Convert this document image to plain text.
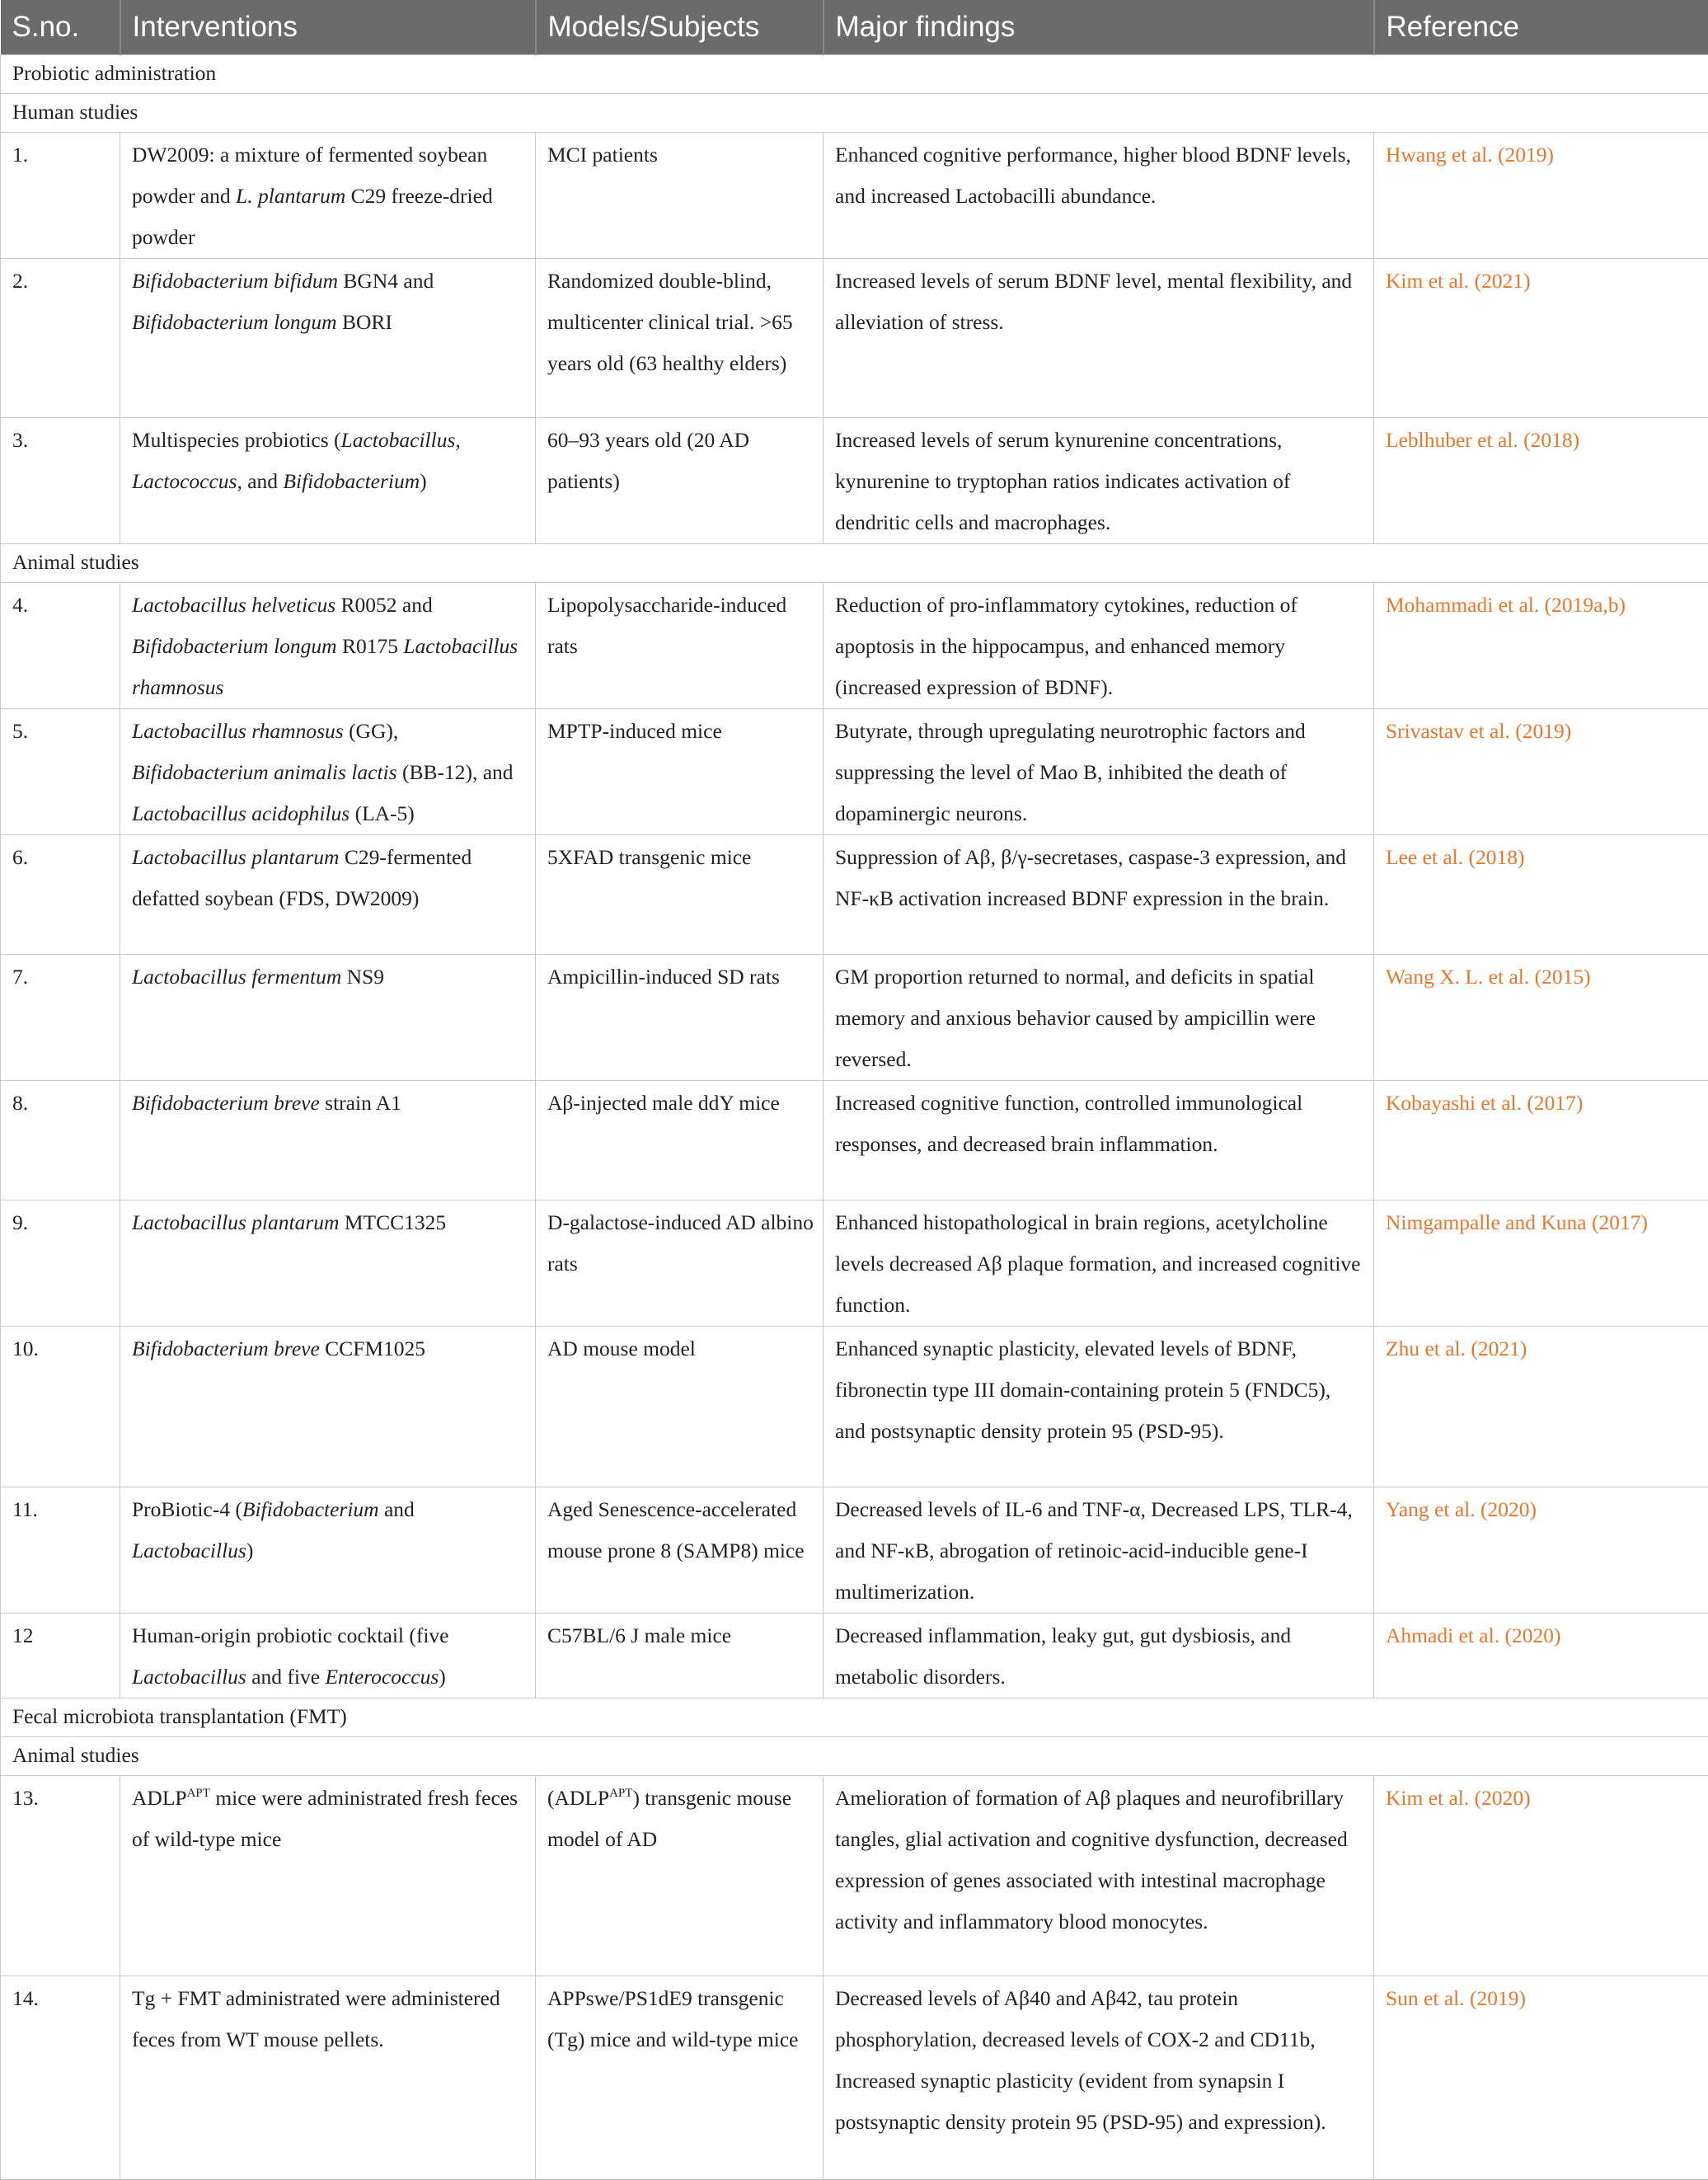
S.no.	Interventions	Models/Subjects	Major findings	Reference
Probiotic administration				
Human studies				
1.	DW2009: a mixture of fermented soybean powder and L. plantarum C29 freeze-dried powder	MCI patients	Enhanced cognitive performance, higher blood BDNF levels, and increased Lactobacilli abundance.	Hwang et al. (2019)
2.	Bifidobacterium bifidum BGN4 and Bifidobacterium longum BORI	Randomized double-blind, multicenter clinical trial. >65 years old (63 healthy elders)	Increased levels of serum BDNF level, mental flexibility, and alleviation of stress.	Kim et al. (2021)
3.	Multispecies probiotics (Lactobacillus, Lactococcus, and Bifidobacterium)	60–93 years old (20 AD patients)	Increased levels of serum kynurenine concentrations, kynurenine to tryptophan ratios indicates activation of dendritic cells and macrophages.	Leblhuber et al. (2018)
Animal studies				
4.	Lactobacillus helveticus R0052 and Bifidobacterium longum R0175 Lactobacillus rhamnosus	Lipopolysaccharide-induced rats	Reduction of pro-inflammatory cytokines, reduction of apoptosis in the hippocampus, and enhanced memory (increased expression of BDNF).	Mohammadi et al. (2019a,b)
5.	Lactobacillus rhamnosus (GG), Bifidobacterium animalis lactis (BB-12), and Lactobacillus acidophilus (LA-5)	MPTP-induced mice	Butyrate, through upregulating neurotrophic factors and suppressing the level of Mao B, inhibited the death of dopaminergic neurons.	Srivastav et al. (2019)
6.	Lactobacillus plantarum C29-fermented defatted soybean (FDS, DW2009)	5XFAD transgenic mice	Suppression of Aβ, β/γ-secretases, caspase-3 expression, and NF-κB activation increased BDNF expression in the brain.	Lee et al. (2018)
7.	Lactobacillus fermentum NS9	Ampicillin-induced SD rats	GM proportion returned to normal, and deficits in spatial memory and anxious behavior caused by ampicillin were reversed.	Wang X. L. et al. (2015)
8.	Bifidobacterium breve strain A1	Aβ-injected male ddY mice	Increased cognitive function, controlled immunological responses, and decreased brain inflammation.	Kobayashi et al. (2017)
9.	Lactobacillus plantarum MTCC1325	D-galactose-induced AD albino rats	Enhanced histopathological in brain regions, acetylcholine levels decreased Aβ plaque formation, and increased cognitive function.	Nimgampalle and Kuna (2017)
10.	Bifidobacterium breve CCFM1025	AD mouse model	Enhanced synaptic plasticity, elevated levels of BDNF, fibronectin type III domain-containing protein 5 (FNDC5), and postsynaptic density protein 95 (PSD-95).	Zhu et al. (2021)
11.	ProBiotic-4 (Bifidobacterium and Lactobacillus)	Aged Senescence-accelerated mouse prone 8 (SAMP8) mice	Decreased levels of IL-6 and TNF-α, Decreased LPS, TLR-4, and NF-κB, abrogation of retinoic-acid-inducible gene-I multimerization.	Yang et al. (2020)
12	Human-origin probiotic cocktail (five Lactobacillus and five Enterococcus)	C57BL/6 J male mice	Decreased inflammation, leaky gut, gut dysbiosis, and metabolic disorders.	Ahmadi et al. (2020)
Fecal microbiota transplantation (FMT)				
Animal studies				
13.	$ADLP^{APT}$ mice were administrated fresh feces of wild-type mice	$(ADLP^{APT})$ transgenic mouse model of AD	Amelioration of formation of Aβ plaques and neurofibrillary tangles, glial activation and cognitive dysfunction, decreased expression of genes associated with intestinal macrophage activity and inflammatory blood monocytes.	Kim et al. (2020)
14.	Tg + FMT administrated were administered feces from WT mouse pellets.	APPswe/PS1dE9 transgenic (Tg) mice and wild-type mice	Decreased levels of Aβ40 and Aβ42, tau protein phosphorylation, decreased levels of COX-2 and CD11b, Increased synaptic plasticity (evident from synapsin I postsynaptic density protein 95 (PSD-95) and expression).	Sun et al. (2019)
